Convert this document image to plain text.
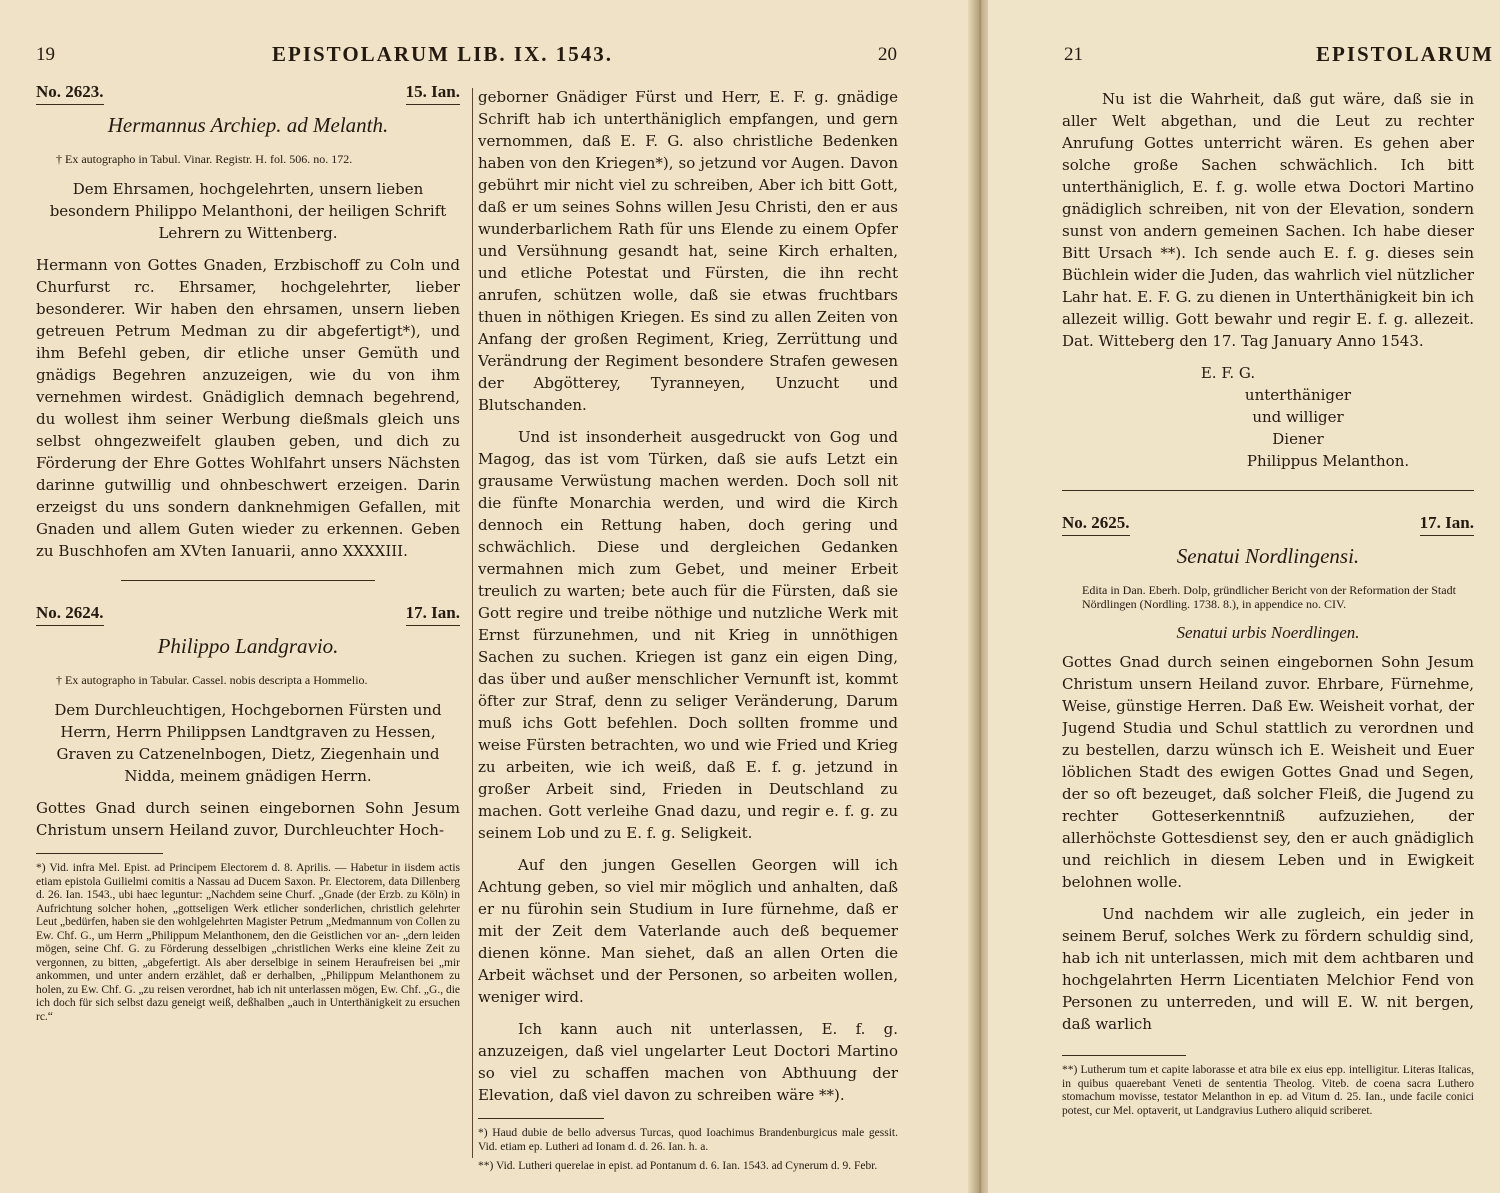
19	EPISTOLARUM LIB. IX. 1543.	20
No. 2623.	15. Ian.
Hermannus Archiep. ad Melanth.
† Ex autographo in Tabul. Vinar. Registr. H. fol. 506. no. 172.
Dem Ehrsamen, hochgelehrten, unsern lieben besondern Philippo Melanthoni, der heiligen Schrift Lehrern zu Wittenberg.
Hermann von Gottes Gnaden, Erzbischoff zu Coln und Churfurst rc. Ehrsamer, hochgelehrter, lieber besonderer. Wir haben den ehrsamen, unsern lieben getreuen Petrum Medman zu dir abgefertigt*), und ihm Befehl geben, dir etliche unser Gemüth und gnädigs Begehren anzuzeigen, wie du von ihm vernehmen wirdest. Gnädiglich demnach begehrend, du wollest ihm seiner Werbung dießmals gleich uns selbst ohngezweifelt glauben geben, und dich zu Förderung der Ehre Gottes Wohlfahrt unsers Nächsten darinne gutwillig und ohnbeschwert erzeigen. Darin erzeigst du uns sondern danknehmigen Gefallen, mit Gnaden und allem Guten wieder zu erkennen. Geben zu Buschhofen am XVten Ianuarii, anno XXXXIII.
No. 2624.	17. Ian.
Philippo Landgravio.
† Ex autographo in Tabular. Cassel. nobis descripta a Hommelio.
Dem Durchleuchtigen, Hochgebornen Fürsten und Herrn, Herrn Philippsen Landtgraven zu Hessen, Graven zu Catzenelnbogen, Dietz, Ziegenhain und Nidda, meinem gnädigen Herrn.
Gottes Gnad durch seinen eingebornen Sohn Jesum Christum unsern Heiland zuvor, Durchleuchter Hoch-
*) Vid. infra Mel. Epist. ad Principem Electorem d. 8. Aprilis. — Habetur in iisdem actis etiam epistola Guilielmi comitis a Nassau ad Ducem Saxon. Pr. Electorem, data Dillenberg d. 26. Ian. 1543., ubi haec leguntur: „Nachdem seine Churf. „Gnade (der Erzb. zu Köln) in Aufrichtung solcher hohen, „gottseligen Werk etlicher sonderlichen, christlich gelehrter Leut „bedürfen, haben sie den wohlgelehrten Magister Petrum „Medmannum von Collen zu Ew. Chf. G., um Herrn „Philippum Melanthonem, den die Geistlichen vor an- „dern leiden mögen, seine Chf. G. zu Förderung desselbigen „christlichen Werks eine kleine Zeit zu vergonnen, zu bitten, „abgefertigt. Als aber derselbige in seinem Heraufreisen bei „mir ankommen, und unter andern erzählet, daß er derhalben, „Philippum Melanthonem zu holen, zu Ew. Chf. G. „zu reisen verordnet, hab ich nit unterlassen mögen, Ew. Chf. „G., die ich doch für sich selbst dazu geneigt weiß, deßhalben „auch in Unterthänigkeit zu ersuchen rc.“
geborner Gnädiger Fürst und Herr, E. F. g. gnädige Schrift hab ich unterthäniglich empfangen, und gern vernommen, daß E. F. G. also christliche Bedenken haben von den Kriegen*), so jetzund vor Augen. Davon gebührt mir nicht viel zu schreiben, Aber ich bitt Gott, daß er um seines Sohns willen Jesu Christi, den er aus wunderbarlichem Rath für uns Elende zu einem Opfer und Versühnung gesandt hat, seine Kirch erhalten, und etliche Potestat und Fürsten, die ihn recht anrufen, schützen wolle, daß sie etwas fruchtbars thuen in nöthigen Kriegen. Es sind zu allen Zeiten von Anfang der großen Regiment, Krieg, Zerrüttung und Verändrung der Regiment besondere Strafen gewesen der Abgötterey, Tyranneyen, Unzucht und Blutschanden.
Und ist insonderheit ausgedruckt von Gog und Magog, das ist vom Türken, daß sie aufs Letzt ein grausame Verwüstung machen werden. Doch soll nit die fünfte Monarchia werden, und wird die Kirch dennoch ein Rettung haben, doch gering und schwächlich. Diese und dergleichen Gedanken vermahnen mich zum Gebet, und meiner Erbeit treulich zu warten; bete auch für die Fürsten, daß sie Gott regire und treibe nöthige und nutzliche Werk mit Ernst fürzunehmen, und nit Krieg in unnöthigen Sachen zu suchen. Kriegen ist ganz ein eigen Ding, das über und außer menschlicher Vernunft ist, kommt öfter zur Straf, denn zu seliger Veränderung, Darum muß ichs Gott befehlen. Doch sollten fromme und weise Fürsten betrachten, wo und wie Fried und Krieg zu arbeiten, wie ich weiß, daß E. f. g. jetzund in großer Arbeit sind, Frieden in Deutschland zu machen. Gott verleihe Gnad dazu, und regir e. f. g. zu seinem Lob und zu E. f. g. Seligkeit.
Auf den jungen Gesellen Georgen will ich Achtung geben, so viel mir möglich und anhalten, daß er nu fürohin sein Studium in Iure fürnehme, daß er mit der Zeit dem Vaterlande auch deß bequemer dienen könne. Man siehet, daß an allen Orten die Arbeit wächset und der Personen, so arbeiten wollen, weniger wird.
Ich kann auch nit unterlassen, E. f. g. anzuzeigen, daß viel ungelarter Leut Doctori Martino so viel zu schaffen machen von Abthuung der Elevation, daß viel davon zu schreiben wäre **).
*) Haud dubie de bello adversus Turcas, quod Ioachimus Brandenburgicus male gessit. Vid. etiam ep. Lutheri ad Ionam d. d. 26. Ian. h. a.
**) Vid. Lutheri querelae in epist. ad Pontanum d. 6. Ian. 1543. ad Cynerum d. 9. Febr.
21	EPISTOLARUM
Nu ist die Wahrheit, daß gut wäre, daß sie in aller Welt abgethan, und die Leut zu rechter Anrufung Gottes unterricht wären. Es gehen aber solche große Sachen schwächlich. Ich bitt unterthäniglich, E. f. g. wolle etwa Doctori Martino gnädiglich schreiben, nit von der Elevation, sondern sunst von andern gemeinen Sachen. Ich habe dieser Bitt Ursach **). Ich sende auch E. f. g. dieses sein Büchlein wider die Juden, das wahrlich viel nützlicher Lahr hat. E. F. G. zu dienen in Unterthänigkeit bin ich allezeit willig. Gott bewahr und regir E. f. g. allezeit. Dat. Witteberg den 17. Tag January Anno 1543.
E. F. G.
unterthäniger
und williger
Diener
Philippus Melanthon.
No. 2625.	17. Ian.
Senatui Nordlingensi.
Edita in Dan. Eberh. Dolp, gründlicher Bericht von der Reformation der Stadt Nördlingen (Nordling. 1738. 8.), in appendice no. CIV.
Senatui urbis Noerdlingen.
Gottes Gnad durch seinen eingebornen Sohn Jesum Christum unsern Heiland zuvor. Ehrbare, Fürnehme, Weise, günstige Herren. Daß Ew. Weisheit vorhat, der Jugend Studia und Schul stattlich zu verordnen und zu bestellen, darzu wünsch ich E. Weisheit und Euer löblichen Stadt des ewigen Gottes Gnad und Segen, der so oft bezeuget, daß solcher Fleiß, die Jugend zu rechter Gotteserkenntniß aufzuziehen, der allerhöchste Gottesdienst sey, den er auch gnädiglich und reichlich in diesem Leben und in Ewigkeit belohnen wolle.
Und nachdem wir alle zugleich, ein jeder in seinem Beruf, solches Werk zu fördern schuldig sind, hab ich nit unterlassen, mich mit dem achtbaren und hochgelahrten Herrn Licentiaten Melchior Fend von Personen zu unterreden, und will E. W. nit bergen, daß warlich
**) Lutherum tum et capite laborasse et atra bile ex eius epp. intelligitur. Literas Italicas, in quibus quaerebant Veneti de sententia Theolog. Viteb. de coena sacra Luthero stomachum movisse, testator Melanthon in ep. ad Vitum d. 25. Ian., unde facile conici potest, cur Mel. optaverit, ut Landgravius Luthero aliquid scriberet.
